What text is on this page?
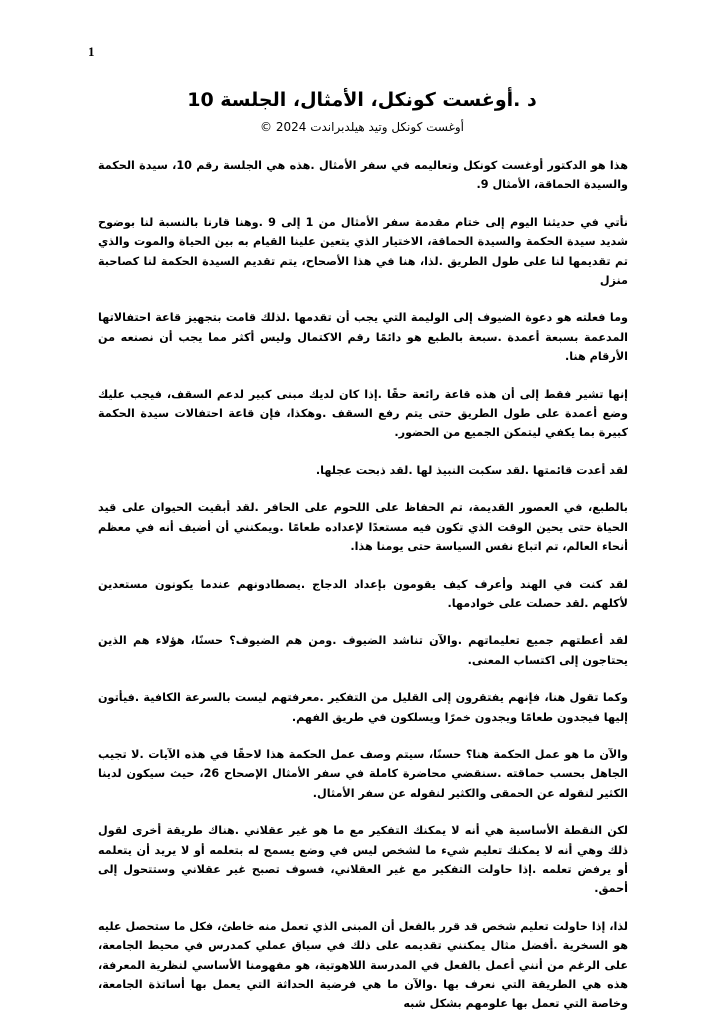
1
د .أوغست كونكل، الأمثال، الجلسة 10
أوغست كونكل وتيد هيلدبراندت 2024 ©

هذا هو الدكتور أوغست كونكل وتعاليمه في سفر الأمثال .هذه هي الجلسة رقم 10، سيدة الحكمة والسيدة الحماقة، الأمثال 9.

نأتي في حديثنا اليوم إلى ختام مقدمة سفر الأمثال من 1 إلى 9 .وهنا قارنا بالنسبة لنا بوضوح شديد سيدة الحكمة والسيدة الحماقة، الاختيار الذي يتعين علينا القيام به بين الحياة والموت والذي تم تقديمها لنا على طول الطريق .لذا، هنا في هذا الأصحاح، يتم تقديم السيدة الحكمة لنا كصاحبة منزل

وما فعلته هو دعوة الضيوف إلى الوليمة التي يجب أن تقدمها .لذلك قامت بتجهيز قاعة احتفالاتها المدعمة بسبعة أعمدة .سبعة بالطبع هو دائمًا رقم الاكتمال وليس أكثر مما يجب أن نصنعه من الأرقام هنا.

إنها تشير فقط إلى أن هذه قاعة رائعة حقًا .إذا كان لديك مبنى كبير لدعم السقف، فيجب عليك وضع أعمدة على طول الطريق حتى يتم رفع السقف .وهكذا، فإن قاعة احتفالات سيدة الحكمة كبيرة بما يكفي ليتمكن الجميع من الحضور.

لقد أعدت قائمتها .لقد سكبت النبيذ لها .لقد ذبحت عجلها.

بالطبع، في العصور القديمة، تم الحفاظ على اللحوم على الحافر .لقد أبقيت الحيوان على قيد الحياة حتى يحين الوقت الذي تكون فيه مستعدًا لإعداده طعامًا .ويمكنني أن أضيف أنه في معظم أنحاء العالم، تم اتباع نفس السياسة حتى يومنا هذا.

لقد كنت في الهند وأعرف كيف يقومون بإعداد الدجاج .يصطادونهم عندما يكونون مستعدين لأكلهم .لقد حصلت على خوادمها.

لقد أعطتهم جميع تعليماتهم .والآن تناشد الضيوف .ومن هم الضيوف؟ حسنًا، هؤلاء هم الذين يحتاجون إلى اكتساب المعنى.

وكما تقول هنا، فإنهم يفتقرون إلى القليل من التفكير .معرفتهم ليست بالسرعة الكافية .فيأتون إليها فيجدون طعامًا ويجدون خمرًا ويسلكون في طريق الفهم.

والآن ما هو عمل الحكمة هنا؟ حسنًا، سيتم وصف عمل الحكمة هذا لاحقًا في هذه الآيات .لا تجيب الجاهل بحسب حماقته .سنقضي محاضرة كاملة في سفر الأمثال الإصحاح 26، حيث سيكون لدينا الكثير لنقوله عن الحمقى والكثير لنقوله عن سفر الأمثال.

لكن النقطة الأساسية هي أنه لا يمكنك التفكير مع ما هو غير عقلاني .هناك طريقة أخرى لقول ذلك وهي أنه لا يمكنك تعليم شيء ما لشخص ليس في وضع يسمح له بتعلمه أو لا يريد أن يتعلمه أو يرفض تعلمه .إذا حاولت التفكير مع غير العقلاني، فسوف تصبح غير عقلاني وستتحول إلى أحمق.

لذا، إذا حاولت تعليم شخص قد قرر بالفعل أن المبنى الذي تعمل منه خاطئ، فكل ما ستحصل عليه هو السخرية .أفضل مثال يمكنني تقديمه على ذلك في سياق عملي كمدرس في محيط الجامعة، على الرغم من أنني أعمل بالفعل في المدرسة اللاهوتية، هو مفهومنا الأساسي لنظرية المعرفة، هذه هي الطريقة التي نعرف بها .والآن ما هي فرضية الحداثة التي يعمل بها أساتذة الجامعة، وخاصة التي تعمل بها علومهم بشكل شبه
